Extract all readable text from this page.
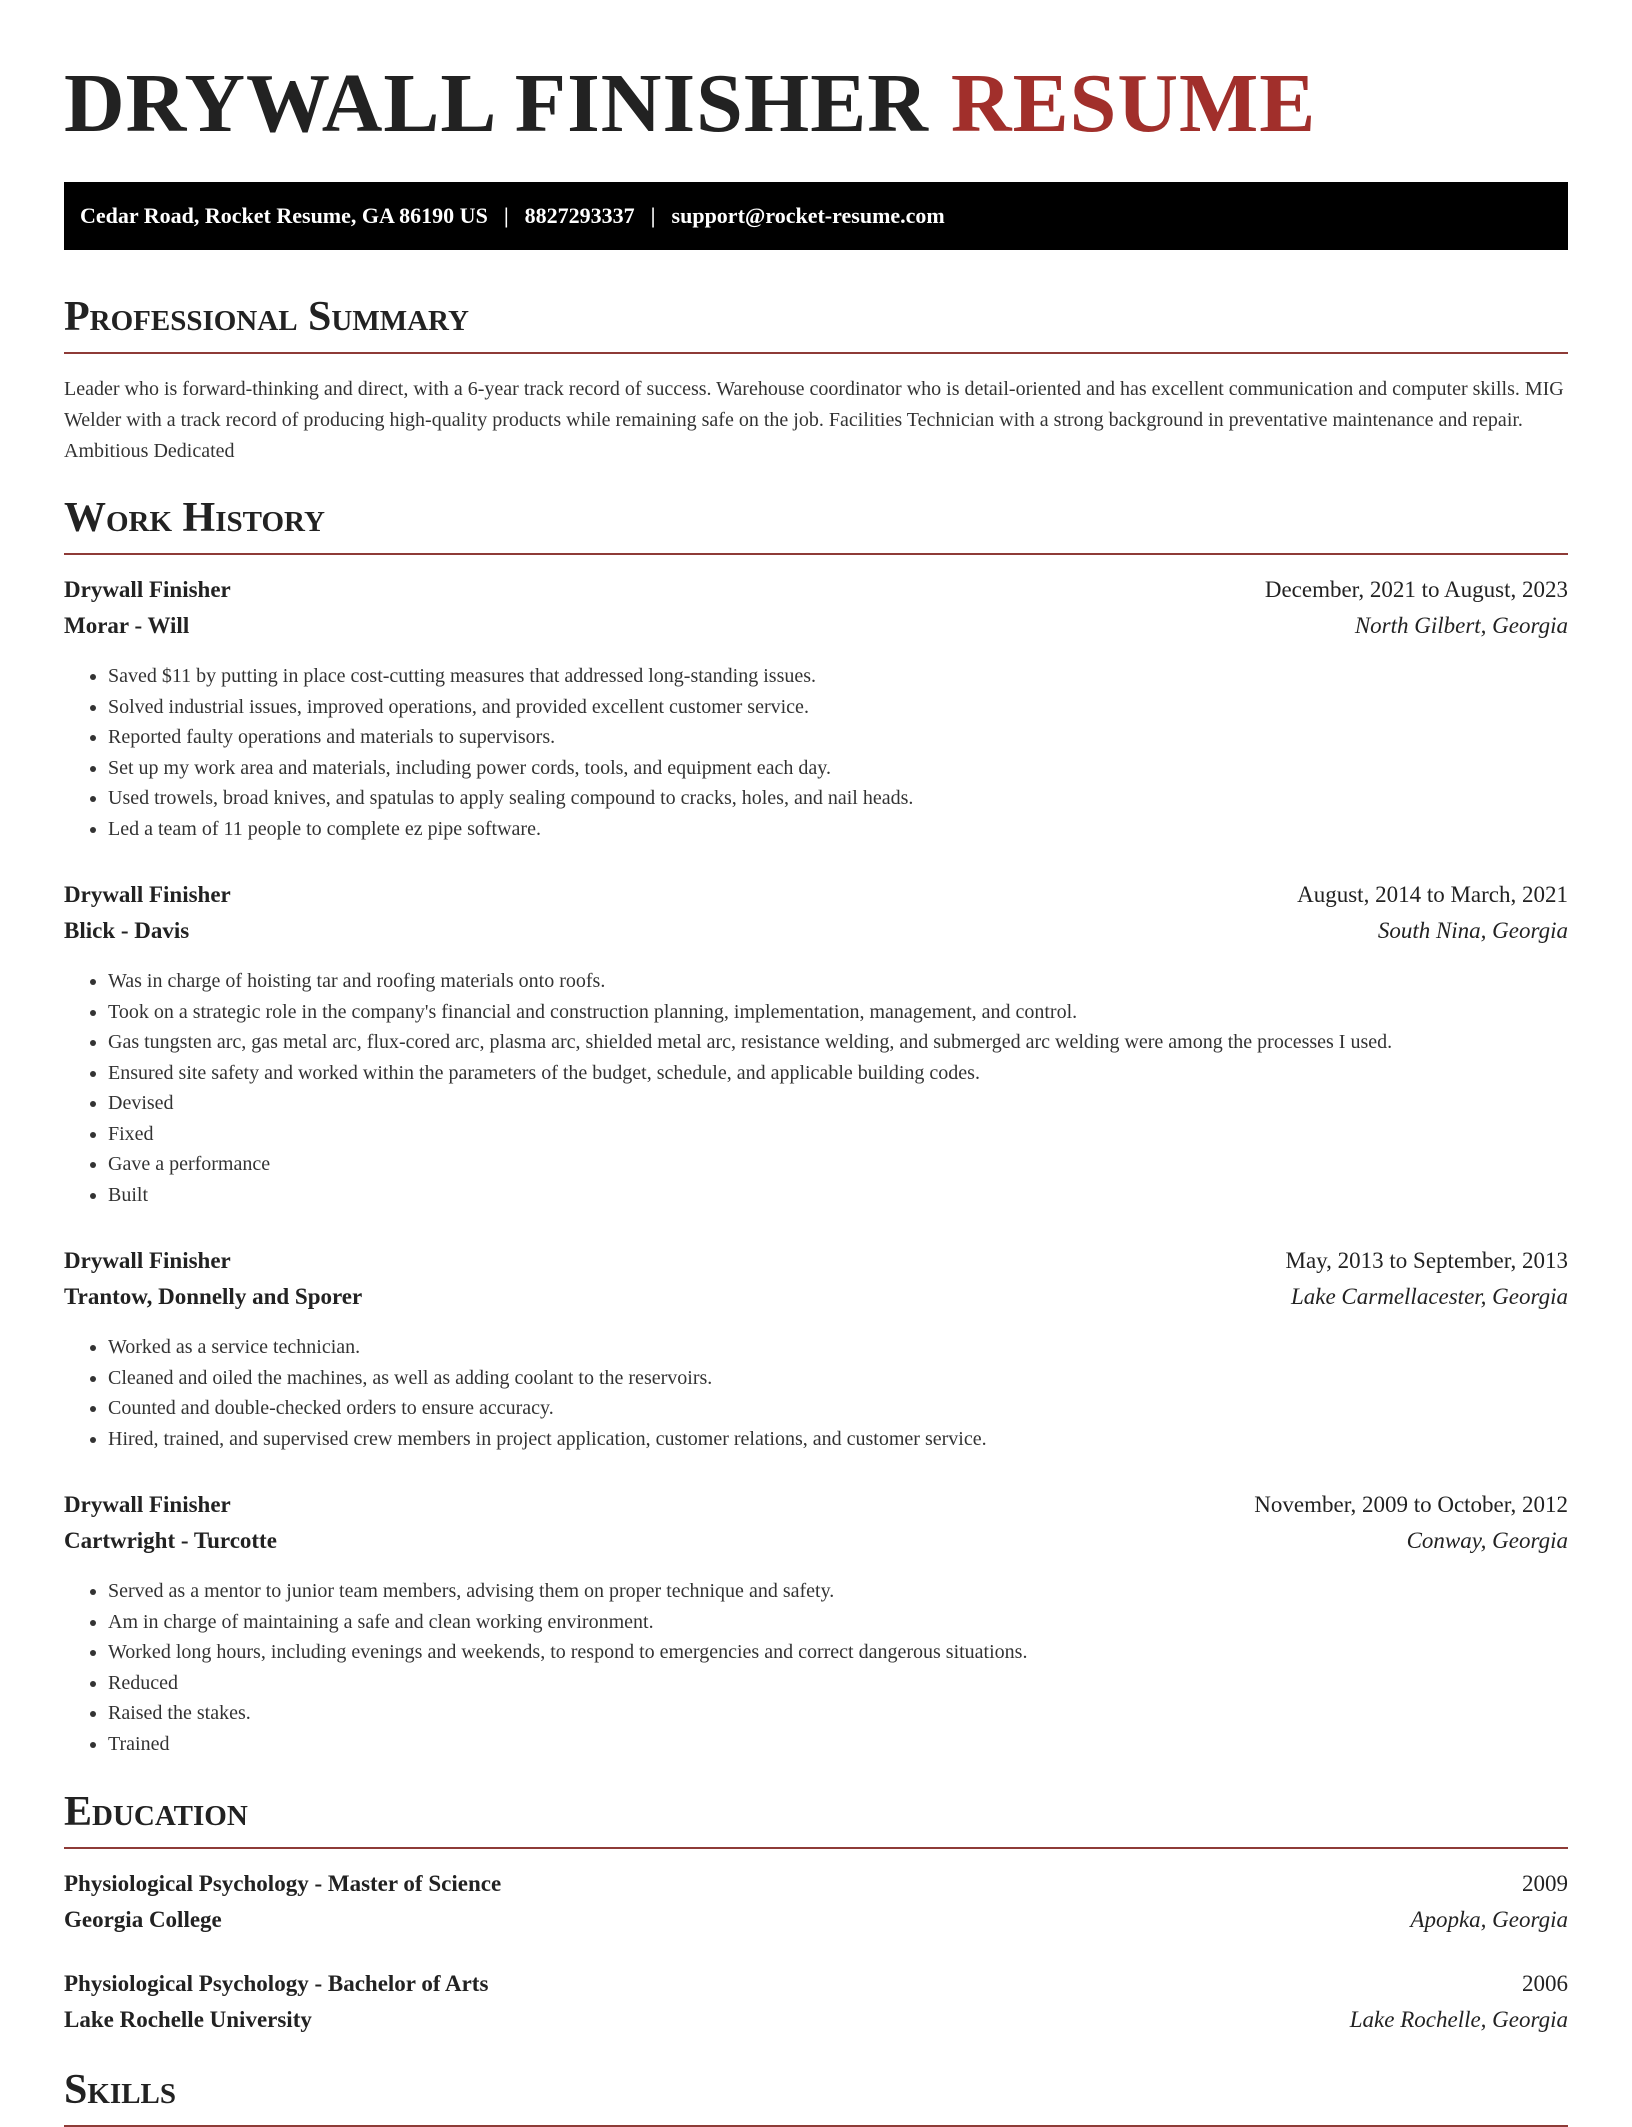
DRYWALL FINISHER RESUME
Cedar Road, Rocket Resume, GA 86190 US | 8827293337 | support@rocket-resume.com
Professional Summary

Leader who is forward-thinking and direct, with a 6-year track record of success. Warehouse coordinator who is detail-oriented and has excellent communication and computer skills. MIG Welder with a track record of producing high-quality products while remaining safe on the job. Facilities Technician with a strong background in preventative maintenance and repair. Ambitious Dedicated

Work History
Drywall Finisher	December, 2021 to August, 2023
Morar - Will	North Gilbert, Georgia
• Saved $11 by putting in place cost-cutting measures that addressed long-standing issues.
• Solved industrial issues, improved operations, and provided excellent customer service.
• Reported faulty operations and materials to supervisors.
• Set up my work area and materials, including power cords, tools, and equipment each day.
• Used trowels, broad knives, and spatulas to apply sealing compound to cracks, holes, and nail heads.
• Led a team of 11 people to complete ez pipe software.
Drywall Finisher	August, 2014 to March, 2021
Blick - Davis	South Nina, Georgia
• Was in charge of hoisting tar and roofing materials onto roofs.
• Took on a strategic role in the company's financial and construction planning, implementation, management, and control.
• Gas tungsten arc, gas metal arc, flux-cored arc, plasma arc, shielded metal arc, resistance welding, and submerged arc welding were among the processes I used.
• Ensured site safety and worked within the parameters of the budget, schedule, and applicable building codes.
• Devised
• Fixed
• Gave a performance
• Built
Drywall Finisher	May, 2013 to September, 2013
Trantow, Donnelly and Sporer	Lake Carmellacester, Georgia
• Worked as a service technician.
• Cleaned and oiled the machines, as well as adding coolant to the reservoirs.
• Counted and double-checked orders to ensure accuracy.
• Hired, trained, and supervised crew members in project application, customer relations, and customer service.
Drywall Finisher	November, 2009 to October, 2012
Cartwright - Turcotte	Conway, Georgia
• Served as a mentor to junior team members, advising them on proper technique and safety.
• Am in charge of maintaining a safe and clean working environment.
• Worked long hours, including evenings and weekends, to respond to emergencies and correct dangerous situations.
• Reduced
• Raised the stakes.
• Trained
Education
Physiological Psychology - Master of Science	2009
Georgia College	Apopka, Georgia
Physiological Psychology - Bachelor of Arts	2006
Lake Rochelle University	Lake Rochelle, Georgia
Skills
